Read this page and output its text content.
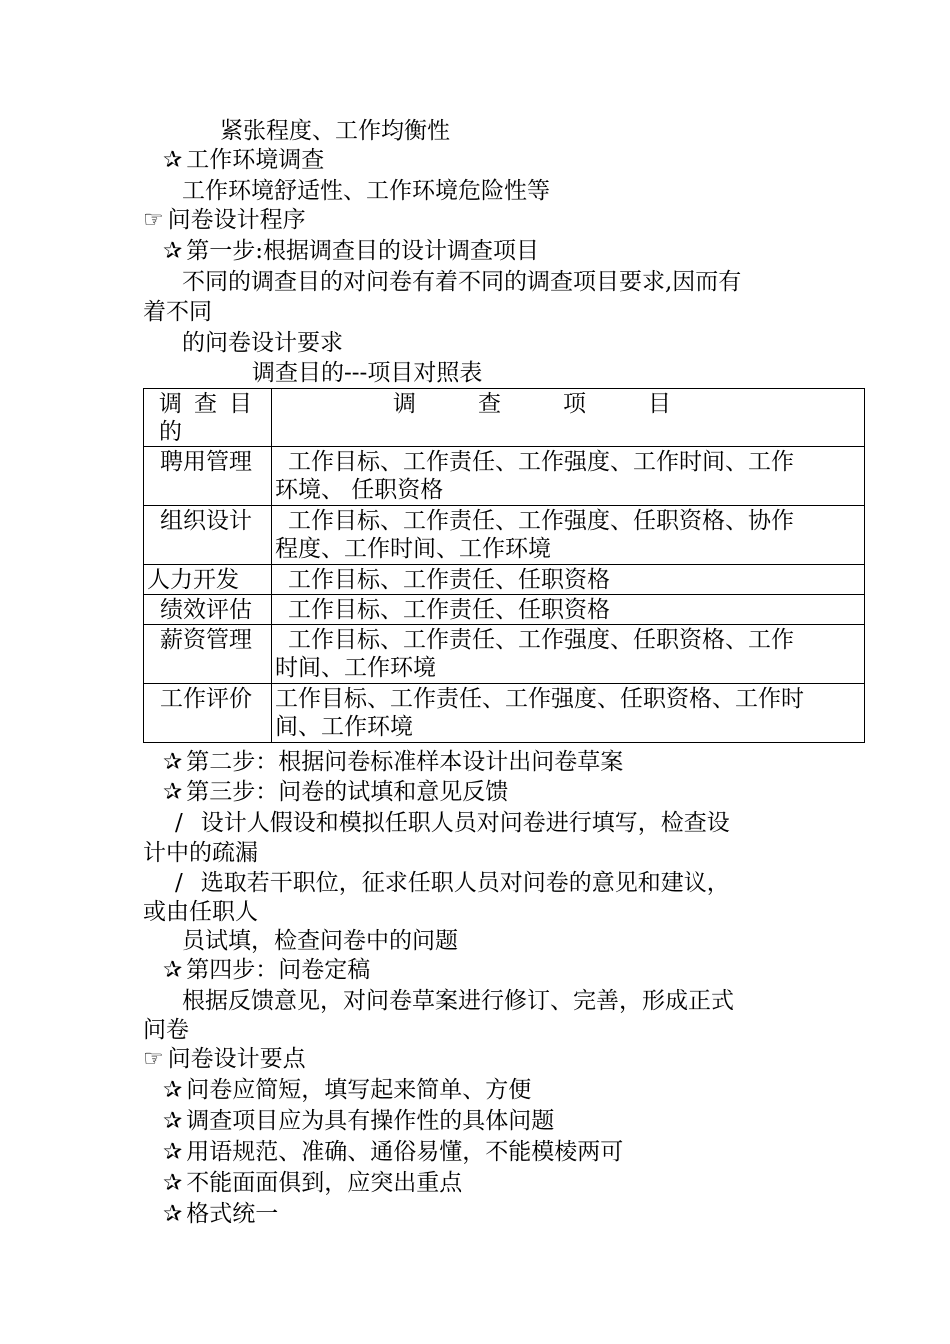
紧张程度、工作均衡性
✰ 工作环境调查
工作环境舒适性、工作环境危险性等
☞ 问卷设计程序
✰ 第一步:根据调查目的设计调查项目
不同的调查目的对问卷有着不同的调查项目要求,因而有
着不同
的问卷设计要求
调查目的---项目对照表
调查目的	调查项目

聘用管理	工作目标、工作责任、工作强度、工作时间、工作
环境、 任职资格

组织设计	工作目标、工作责任、工作强度、任职资格、协作
程度、工作时间、工作环境

人力开发	工作目标、工作责任、任职资格

绩效评估	工作目标、工作责任、任职资格

薪资管理	工作目标、工作责任、工作强度、任职资格、工作
时间、工作环境

工作评价	工作目标、工作责任、工作强度、任职资格、工作时
间、工作环境
✰ 第二步：根据问卷标准样本设计出问卷草案
✰ 第三步：问卷的试填和意见反馈
/ 设计人假设和模拟任职人员对问卷进行填写，检查设
计中的疏漏
/ 选取若干职位，征求任职人员对问卷的意见和建议，
或由任职人
员试填，检查问卷中的问题
✰ 第四步：问卷定稿
根据反馈意见，对问卷草案进行修订、完善，形成正式
问卷
☞ 问卷设计要点
✰ 问卷应简短，填写起来简单、方便
✰ 调查项目应为具有操作性的具体问题
✰ 用语规范、准确、通俗易懂，不能模棱两可
✰ 不能面面俱到，应突出重点
✰ 格式统一
